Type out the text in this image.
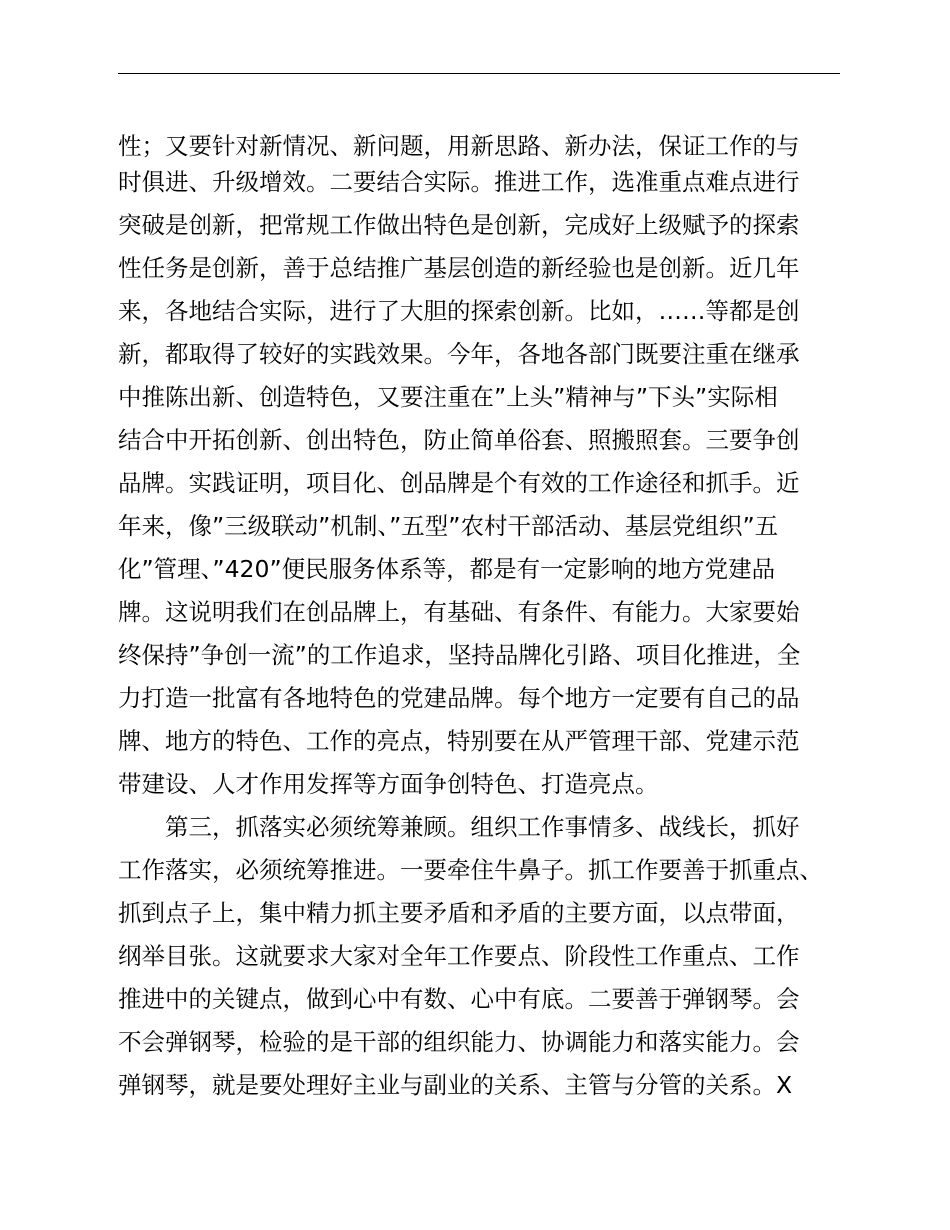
性；又要针对新情况、新问题，用新思路、新办法，保证工作的与
时俱进、升级增效。二要结合实际。推进工作，选准重点难点进行
突破是创新，把常规工作做出特色是创新，完成好上级赋予的探索
性任务是创新，善于总结推广基层创造的新经验也是创新。近几年
来，各地结合实际，进行了大胆的探索创新。比如，……等都是创
新，都取得了较好的实践效果。今年，各地各部门既要注重在继承
中推陈出新、创造特色，又要注重在”上头”精神与”下头”实际相
结合中开拓创新、创出特色，防止简单俗套、照搬照套。三要争创
品牌。实践证明，项目化、创品牌是个有效的工作途径和抓手。近
年来，像”三级联动”机制、”五型”农村干部活动、基层党组织”五
化”管理、”420”便民服务体系等，都是有一定影响的地方党建品
牌。这说明我们在创品牌上，有基础、有条件、有能力。大家要始
终保持”争创一流”的工作追求，坚持品牌化引路、项目化推进，全
力打造一批富有各地特色的党建品牌。每个地方一定要有自己的品
牌、地方的特色、工作的亮点，特别要在从严管理干部、党建示范
带建设、人才作用发挥等方面争创特色、打造亮点。
第三，抓落实必须统筹兼顾。组织工作事情多、战线长，抓好
工作落实，必须统筹推进。一要牵住牛鼻子。抓工作要善于抓重点、
抓到点子上，集中精力抓主要矛盾和矛盾的主要方面，以点带面，
纲举目张。这就要求大家对全年工作要点、阶段性工作重点、工作
推进中的关键点，做到心中有数、心中有底。二要善于弹钢琴。会
不会弹钢琴，检验的是干部的组织能力、协调能力和落实能力。会
弹钢琴，就是要处理好主业与副业的关系、主管与分管的关系。X
